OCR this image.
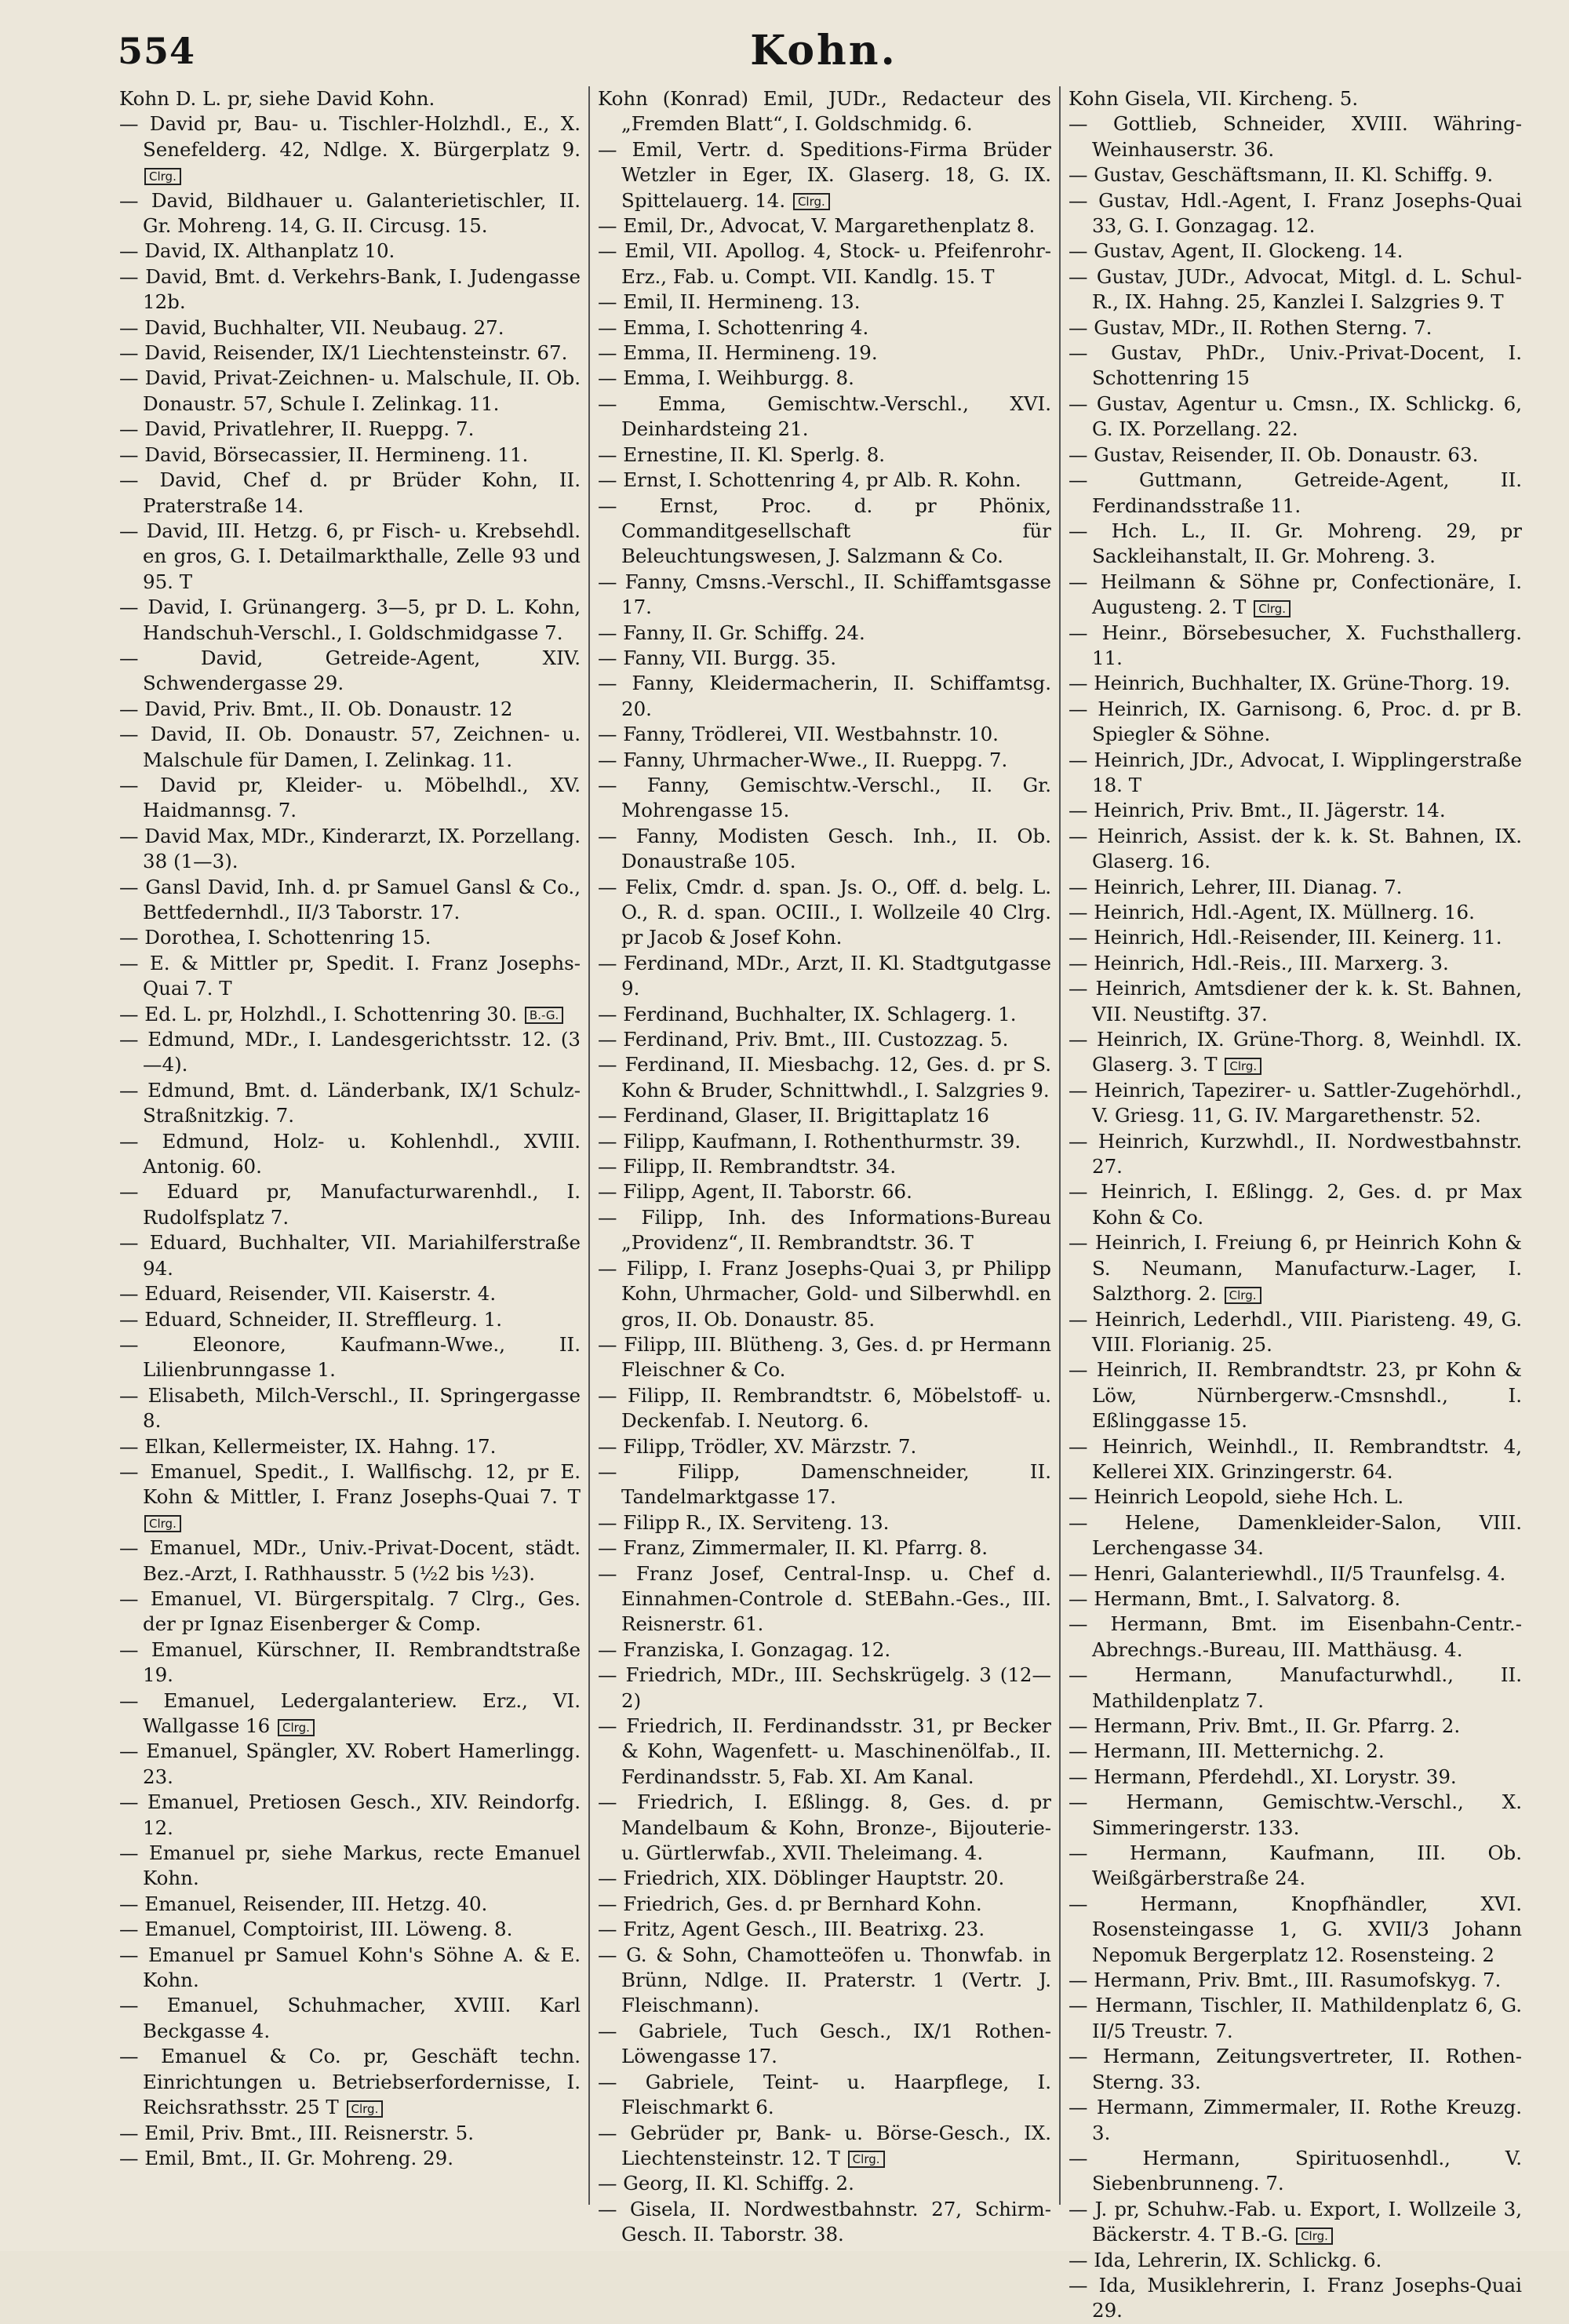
554	Kohn.
Kohn D. L. pr, siehe David Kohn.
— David pr, Bau- u. Tischler-Holzhdl., E., X. Senefelderg. 42, Ndlge. X. Bürgerplatz 9. Clrg.
— David, Bildhauer u. Galanterietischler, II. Gr. Mohreng. 14, G. II. Circusg. 15.
— David, IX. Althanplatz 10.
— David, Bmt. d. Verkehrs-Bank, I. Judengasse 12b.
— David, Buchhalter, VII. Neubaug. 27.
— David, Reisender, IX/1 Liechtensteinstr. 67.
— David, Privat-Zeichnen- u. Malschule, II. Ob. Donaustr. 57, Schule I. Zelinkag. 11.
— David, Privatlehrer, II. Rueppg. 7.
— David, Börsecassier, II. Hermineng. 11.
— David, Chef d. pr Brüder Kohn, II. Praterstraße 14.
— David, III. Hetzg. 6, pr Fisch- u. Krebsehdl. en gros, G. I. Detailmarkthalle, Zelle 93 und 95. T
— David, I. Grünangerg. 3—5, pr D. L. Kohn, Handschuh-Verschl., I. Goldschmidgasse 7.
— David, Getreide-Agent, XIV. Schwendergasse 29.
— David, Priv. Bmt., II. Ob. Donaustr. 12
— David, II. Ob. Donaustr. 57, Zeichnen- u. Malschule für Damen, I. Zelinkag. 11.
— David pr, Kleider- u. Möbelhdl., XV. Haidmannsg. 7.
— David Max, MDr., Kinderarzt, IX. Porzellang. 38 (1—3).
— Gansl David, Inh. d. pr Samuel Gansl & Co., Bettfedernhdl., II/3 Taborstr. 17.
— Dorothea, I. Schottenring 15.
— E. & Mittler pr, Spedit. I. Franz Josephs-Quai 7. T
— Ed. L. pr, Holzhdl., I. Schottenring 30. B.-G.
— Edmund, MDr., I. Landesgerichtsstr. 12. (3—4).
— Edmund, Bmt. d. Länderbank, IX/1 Schulz-Straßnitzkig. 7.
— Edmund, Holz- u. Kohlenhdl., XVIII. Antonig. 60.
— Eduard pr, Manufacturwarenhdl., I. Rudolfsplatz 7.
— Eduard, Buchhalter, VII. Mariahilferstraße 94.
— Eduard, Reisender, VII. Kaiserstr. 4.
— Eduard, Schneider, II. Streffleurg. 1.
— Eleonore, Kaufmann-Wwe., II. Lilienbrunngasse 1.
— Elisabeth, Milch-Verschl., II. Springergasse 8.
— Elkan, Kellermeister, IX. Hahng. 17.
— Emanuel, Spedit., I. Wallfischg. 12, pr E. Kohn & Mittler, I. Franz Josephs-Quai 7. T Clrg.
— Emanuel, MDr., Univ.-Privat-Docent, städt. Bez.-Arzt, I. Rathhausstr. 5 (½2 bis ½3).
— Emanuel, VI. Bürgerspitalg. 7 Clrg., Ges. der pr Ignaz Eisenberger & Comp.
— Emanuel, Kürschner, II. Rembrandtstraße 19.
— Emanuel, Ledergalanteriew. Erz., VI. Wallgasse 16 Clrg.
— Emanuel, Spängler, XV. Robert Hamerlingg. 23.
— Emanuel, Pretiosen Gesch., XIV. Reindorfg. 12.
— Emanuel pr, siehe Markus, recte Emanuel Kohn.
— Emanuel, Reisender, III. Hetzg. 40.
— Emanuel, Comptoirist, III. Löweng. 8.
— Emanuel pr Samuel Kohn's Söhne A. & E. Kohn.
— Emanuel, Schuhmacher, XVIII. Karl Beckgasse 4.
— Emanuel & Co. pr, Geschäft techn. Einrichtungen u. Betriebserfordernisse, I. Reichsrathsstr. 25 T Clrg.
— Emil, Priv. Bmt., III. Reisnerstr. 5.
— Emil, Bmt., II. Gr. Mohreng. 29.
Kohn (Konrad) Emil, JUDr., Redacteur des „Fremden Blatt“, I. Goldschmidg. 6.
— Emil, Vertr. d. Speditions-Firma Brüder Wetzler in Eger, IX. Glaserg. 18, G. IX. Spittelauerg. 14. Clrg.
— Emil, Dr., Advocat, V. Margarethenplatz 8.
— Emil, VII. Apollog. 4, Stock- u. Pfeifenrohr-Erz., Fab. u. Compt. VII. Kandlg. 15. T
— Emil, II. Hermineng. 13.
— Emma, I. Schottenring 4.
— Emma, II. Hermineng. 19.
— Emma, I. Weihburgg. 8.
— Emma, Gemischtw.-Verschl., XVI. Deinhardsteing 21.
— Ernestine, II. Kl. Sperlg. 8.
— Ernst, I. Schottenring 4, pr Alb. R. Kohn.
— Ernst, Proc. d. pr Phönix, Commanditgesellschaft für Beleuchtungswesen, J. Salzmann & Co.
— Fanny, Cmsns.-Verschl., II. Schiffamtsgasse 17.
— Fanny, II. Gr. Schiffg. 24.
— Fanny, VII. Burgg. 35.
— Fanny, Kleidermacherin, II. Schiffamtsg. 20.
— Fanny, Trödlerei, VII. Westbahnstr. 10.
— Fanny, Uhrmacher-Wwe., II. Rueppg. 7.
— Fanny, Gemischtw.-Verschl., II. Gr. Mohrengasse 15.
— Fanny, Modisten Gesch. Inh., II. Ob. Donaustraße 105.
— Felix, Cmdr. d. span. Js. O., Off. d. belg. L. O., R. d. span. OCIII., I. Wollzeile 40 Clrg. pr Jacob & Josef Kohn.
— Ferdinand, MDr., Arzt, II. Kl. Stadtgutgasse 9.
— Ferdinand, Buchhalter, IX. Schlagerg. 1.
— Ferdinand, Priv. Bmt., III. Custozzag. 5.
— Ferdinand, II. Miesbachg. 12, Ges. d. pr S. Kohn & Bruder, Schnittwhdl., I. Salzgries 9.
— Ferdinand, Glaser, II. Brigittaplatz 16
— Filipp, Kaufmann, I. Rothenthurmstr. 39.
— Filipp, II. Rembrandtstr. 34.
— Filipp, Agent, II. Taborstr. 66.
— Filipp, Inh. des Informations-Bureau „Providenz“, II. Rembrandtstr. 36. T
— Filipp, I. Franz Josephs-Quai 3, pr Philipp Kohn, Uhrmacher, Gold- und Silberwhdl. en gros, II. Ob. Donaustr. 85.
— Filipp, III. Blütheng. 3, Ges. d. pr Hermann Fleischner & Co.
— Filipp, II. Rembrandtstr. 6, Möbelstoff- u. Deckenfab. I. Neutorg. 6.
— Filipp, Trödler, XV. Märzstr. 7.
— Filipp, Damenschneider, II. Tandelmarktgasse 17.
— Filipp R., IX. Serviteng. 13.
— Franz, Zimmermaler, II. Kl. Pfarrg. 8.
— Franz Josef, Central-Insp. u. Chef d. Einnahmen-Controle d. StEBahn.-Ges., III. Reisnerstr. 61.
— Franziska, I. Gonzagag. 12.
— Friedrich, MDr., III. Sechskrügelg. 3 (12—2)
— Friedrich, II. Ferdinandsstr. 31, pr Becker & Kohn, Wagenfett- u. Maschinenölfab., II. Ferdinandsstr. 5, Fab. XI. Am Kanal.
— Friedrich, I. Eßlingg. 8, Ges. d. pr Mandelbaum & Kohn, Bronze-, Bijouterie- u. Gürtlerwfab., XVII. Theleimang. 4.
— Friedrich, XIX. Döblinger Hauptstr. 20.
— Friedrich, Ges. d. pr Bernhard Kohn.
— Fritz, Agent Gesch., III. Beatrixg. 23.
— G. & Sohn, Chamotteöfen u. Thonwfab. in Brünn, Ndlge. II. Praterstr. 1 (Vertr. J. Fleischmann).
— Gabriele, Tuch Gesch., IX/1 Rothen-Löwengasse 17.
— Gabriele, Teint- u. Haarpflege, I. Fleischmarkt 6.
— Gebrüder pr, Bank- u. Börse-Gesch., IX. Liechtensteinstr. 12. T Clrg.
— Georg, II. Kl. Schiffg. 2.
— Gisela, II. Nordwestbahnstr. 27, Schirm-Gesch. II. Taborstr. 38.
Kohn Gisela, VII. Kircheng. 5.
— Gottlieb, Schneider, XVIII. Währing-Weinhauserstr. 36.
— Gustav, Geschäftsmann, II. Kl. Schiffg. 9.
— Gustav, Hdl.-Agent, I. Franz Josephs-Quai 33, G. I. Gonzagag. 12.
— Gustav, Agent, II. Glockeng. 14.
— Gustav, JUDr., Advocat, Mitgl. d. L. Schul-R., IX. Hahng. 25, Kanzlei I. Salzgries 9. T
— Gustav, MDr., II. Rothen Sterng. 7.
— Gustav, PhDr., Univ.-Privat-Docent, I. Schottenring 15
— Gustav, Agentur u. Cmsn., IX. Schlickg. 6, G. IX. Porzellang. 22.
— Gustav, Reisender, II. Ob. Donaustr. 63.
— Guttmann, Getreide-Agent, II. Ferdinandsstraße 11.
— Hch. L., II. Gr. Mohreng. 29, pr Sackleihanstalt, II. Gr. Mohreng. 3.
— Heilmann & Söhne pr, Confectionäre, I. Augusteng. 2. T Clrg.
— Heinr., Börsebesucher, X. Fuchsthallerg. 11.
— Heinrich, Buchhalter, IX. Grüne-Thorg. 19.
— Heinrich, IX. Garnisong. 6, Proc. d. pr B. Spiegler & Söhne.
— Heinrich, JDr., Advocat, I. Wipplingerstraße 18. T
— Heinrich, Priv. Bmt., II. Jägerstr. 14.
— Heinrich, Assist. der k. k. St. Bahnen, IX. Glaserg. 16.
— Heinrich, Lehrer, III. Dianag. 7.
— Heinrich, Hdl.-Agent, IX. Müllnerg. 16.
— Heinrich, Hdl.-Reisender, III. Keinerg. 11.
— Heinrich, Hdl.-Reis., III. Marxerg. 3.
— Heinrich, Amtsdiener der k. k. St. Bahnen, VII. Neustiftg. 37.
— Heinrich, IX. Grüne-Thorg. 8, Weinhdl. IX. Glaserg. 3. T Clrg.
— Heinrich, Tapezirer- u. Sattler-Zugehörhdl., V. Griesg. 11, G. IV. Margarethenstr. 52.
— Heinrich, Kurzwhdl., II. Nordwestbahnstr. 27.
— Heinrich, I. Eßlingg. 2, Ges. d. pr Max Kohn & Co.
— Heinrich, I. Freiung 6, pr Heinrich Kohn & S. Neumann, Manufacturw.-Lager, I. Salzthorg. 2. Clrg.
— Heinrich, Lederhdl., VIII. Piaristeng. 49, G. VIII. Florianig. 25.
— Heinrich, II. Rembrandtstr. 23, pr Kohn & Löw, Nürnbergerw.-Cmsnshdl., I. Eßlinggasse 15.
— Heinrich, Weinhdl., II. Rembrandtstr. 4, Kellerei XIX. Grinzingerstr. 64.
— Heinrich Leopold, siehe Hch. L.
— Helene, Damenkleider-Salon, VIII. Lerchengasse 34.
— Henri, Galanteriewhdl., II/5 Traunfelsg. 4.
— Hermann, Bmt., I. Salvatorg. 8.
— Hermann, Bmt. im Eisenbahn-Centr.-Abrechngs.-Bureau, III. Matthäusg. 4.
— Hermann, Manufacturwhdl., II. Mathildenplatz 7.
— Hermann, Priv. Bmt., II. Gr. Pfarrg. 2.
— Hermann, III. Metternichg. 2.
— Hermann, Pferdehdl., XI. Lorystr. 39.
— Hermann, Gemischtw.-Verschl., X. Simmeringerstr. 133.
— Hermann, Kaufmann, III. Ob. Weißgärberstraße 24.
— Hermann, Knopfhändler, XVI. Rosensteingasse 1, G. XVII/3 Johann Nepomuk Bergerplatz 12. Rosensteing. 2
— Hermann, Priv. Bmt., III. Rasumofskyg. 7.
— Hermann, Tischler, II. Mathildenplatz 6, G. II/5 Treustr. 7.
— Hermann, Zeitungsvertreter, II. Rothen-Sterng. 33.
— Hermann, Zimmermaler, II. Rothe Kreuzg. 3.
— Hermann, Spirituosenhdl., V. Siebenbrunneng. 7.
— J. pr, Schuhw.-Fab. u. Export, I. Wollzeile 3, Bäckerstr. 4. T B.-G. Clrg.
— Ida, Lehrerin, IX. Schlickg. 6.
— Ida, Musiklehrerin, I. Franz Josephs-Quai 29.
